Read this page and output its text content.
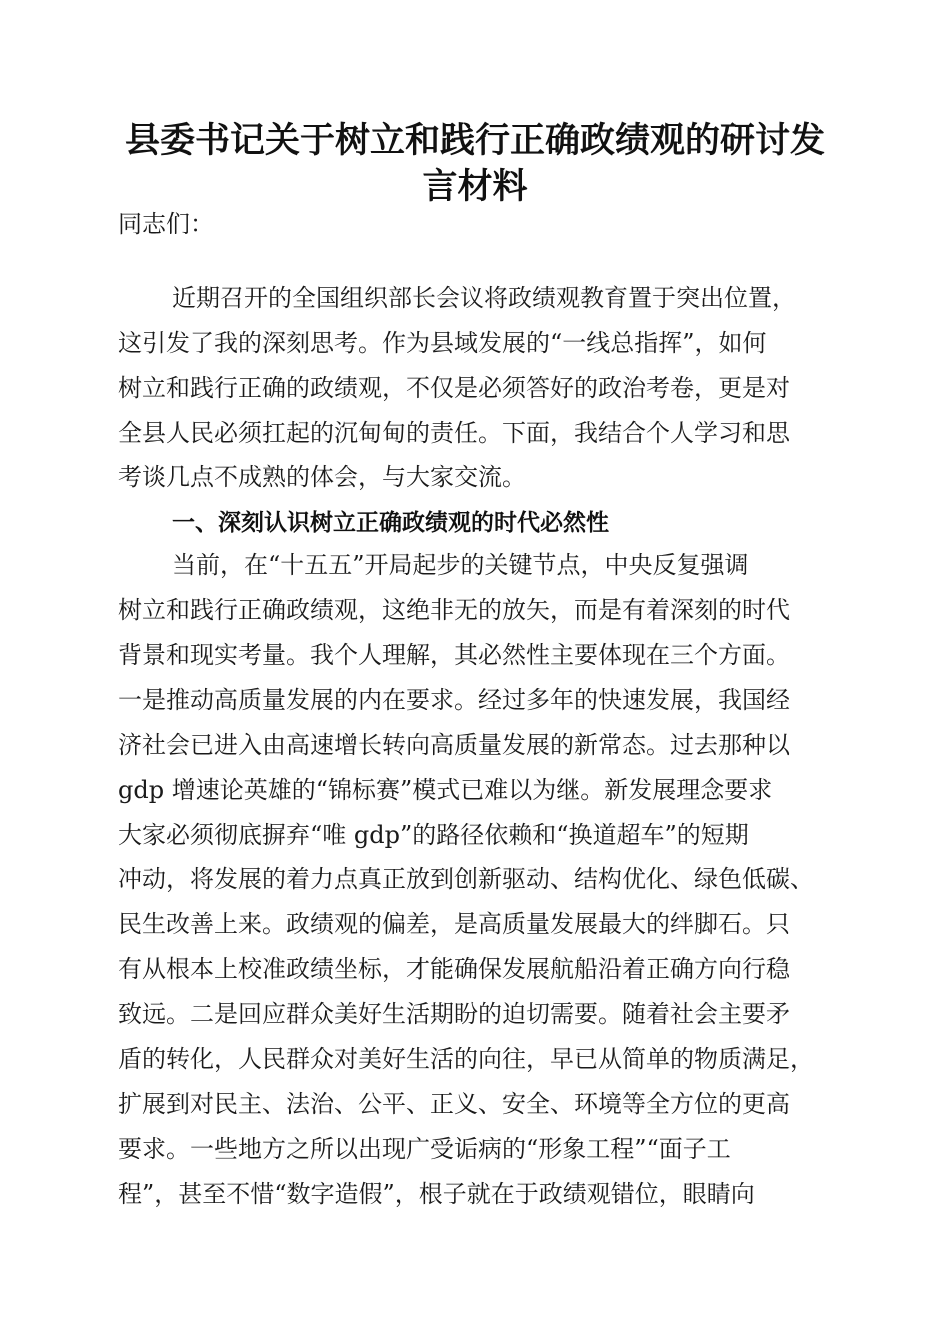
县委书记关于树立和践行正确政绩观的研讨发
言材料

同志们：

近期召开的全国组织部长会议将政绩观教育置于突出位置，

这引发了我的深刻思考。作为县域发展的“一线总指挥”，如何

树立和践行正确的政绩观，不仅是必须答好的政治考卷，更是对

全县人民必须扛起的沉甸甸的责任。下面，我结合个人学习和思

考谈几点不成熟的体会，与大家交流。

一、深刻认识树立正确政绩观的时代必然性

当前，在“十五五”开局起步的关键节点，中央反复强调

树立和践行正确政绩观，这绝非无的放矢，而是有着深刻的时代

背景和现实考量。我个人理解，其必然性主要体现在三个方面。

一是推动高质量发展的内在要求。经过多年的快速发展，我国经

济社会已进入由高速增长转向高质量发展的新常态。过去那种以

gdp 增速论英雄的“锦标赛”模式已难以为继。新发展理念要求

大家必须彻底摒弃“唯 gdp”的路径依赖和“换道超车”的短期

冲动，将发展的着力点真正放到创新驱动、结构优化、绿色低碳、

民生改善上来。政绩观的偏差，是高质量发展最大的绊脚石。只

有从根本上校准政绩坐标，才能确保发展航船沿着正确方向行稳

致远。二是回应群众美好生活期盼的迫切需要。随着社会主要矛

盾的转化，人民群众对美好生活的向往，早已从简单的物质满足，

扩展到对民主、法治、公平、正义、安全、环境等全方位的更高

要求。一些地方之所以出现广受诟病的“形象工程”“面子工

程”，甚至不惜“数字造假”，根子就在于政绩观错位，眼睛向
